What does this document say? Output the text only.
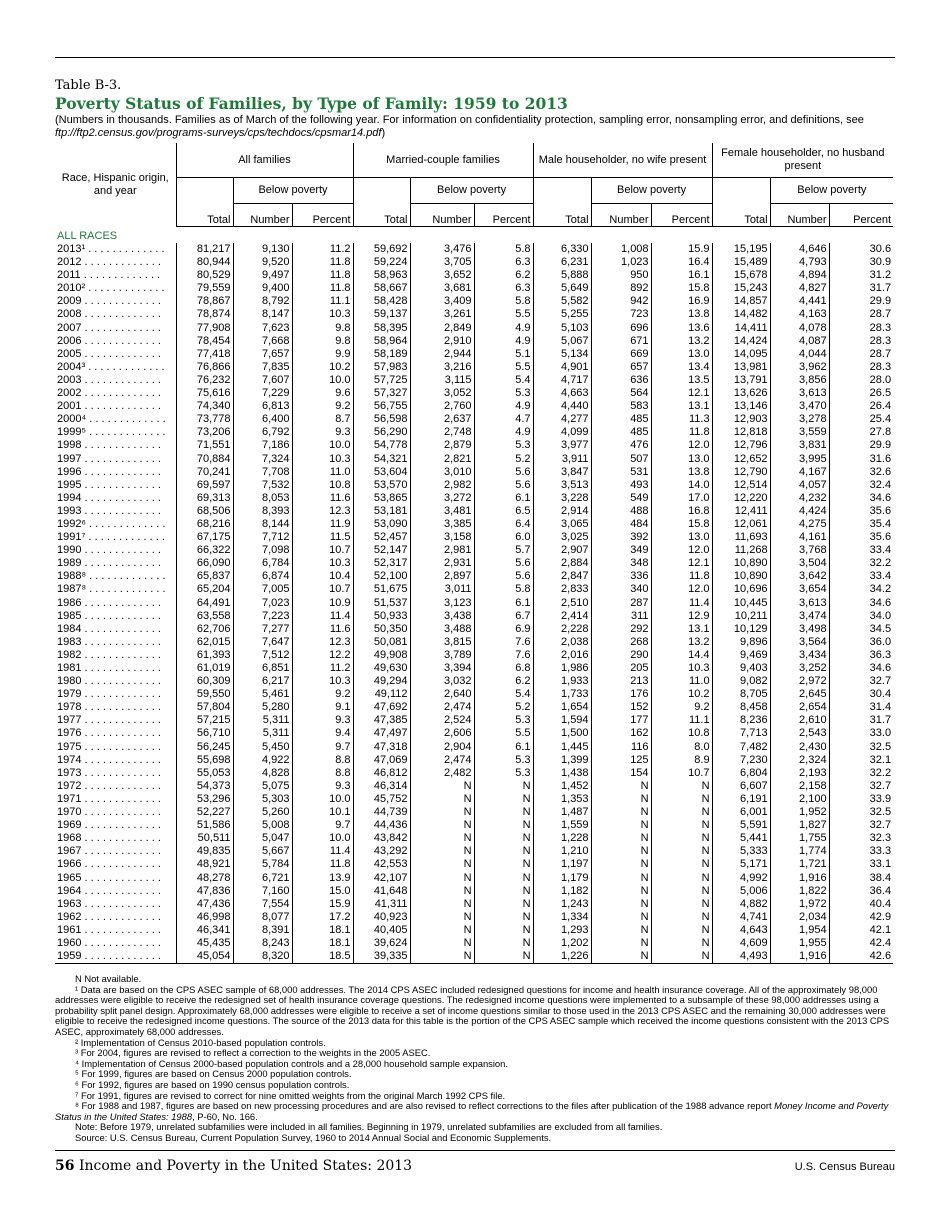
Table B-3.
Poverty Status of Families, by Type of Family: 1959 to 2013
(Numbers in thousands. Families as of March of the following year. For information on confidentiality protection, sampling error, nonsampling error, and definitions, see ftp://ftp2.census.gov/programs-surveys/cps/techdocs/cpsmar14.pdf)
Race, Hispanic origin, and year	All families			Married-couple families			Male householder, no wife present			Female householder, no husband present		
		Below poverty			Below poverty			Below poverty			Below poverty	
	Total	Number	Percent	Total	Number	Percent	Total	Number	Percent	Total	Number	Percent
ALL RACES												
2013¹ . . . . . . . . . . . . .	81,217	9,130	11.2	59,692	3,476	5.8	6,330	1,008	15.9	15,195	4,646	30.6
2012 . . . . . . . . . . . . .	80,944	9,520	11.8	59,224	3,705	6.3	6,231	1,023	16.4	15,489	4,793	30.9
2011 . . . . . . . . . . . . .	80,529	9,497	11.8	58,963	3,652	6.2	5,888	950	16.1	15,678	4,894	31.2
2010² . . . . . . . . . . . . .	79,559	9,400	11.8	58,667	3,681	6.3	5,649	892	15.8	15,243	4,827	31.7
2009 . . . . . . . . . . . . .	78,867	8,792	11.1	58,428	3,409	5.8	5,582	942	16.9	14,857	4,441	29.9
2008 . . . . . . . . . . . . .	78,874	8,147	10.3	59,137	3,261	5.5	5,255	723	13.8	14,482	4,163	28.7
2007 . . . . . . . . . . . . .	77,908	7,623	9.8	58,395	2,849	4.9	5,103	696	13.6	14,411	4,078	28.3
2006 . . . . . . . . . . . . .	78,454	7,668	9.8	58,964	2,910	4.9	5,067	671	13.2	14,424	4,087	28.3
2005 . . . . . . . . . . . . .	77,418	7,657	9.9	58,189	2,944	5.1	5,134	669	13.0	14,095	4,044	28.7
2004³ . . . . . . . . . . . . .	76,866	7,835	10.2	57,983	3,216	5.5	4,901	657	13.4	13,981	3,962	28.3
2003 . . . . . . . . . . . . .	76,232	7,607	10.0	57,725	3,115	5.4	4,717	636	13.5	13,791	3,856	28.0
2002 . . . . . . . . . . . . .	75,616	7,229	9.6	57,327	3,052	5.3	4,663	564	12.1	13,626	3,613	26.5
2001 . . . . . . . . . . . . .	74,340	6,813	9.2	56,755	2,760	4.9	4,440	583	13.1	13,146	3,470	26.4
2000⁴ . . . . . . . . . . . . .	73,778	6,400	8.7	56,598	2,637	4.7	4,277	485	11.3	12,903	3,278	25.4
1999⁵ . . . . . . . . . . . . .	73,206	6,792	9.3	56,290	2,748	4.9	4,099	485	11.8	12,818	3,559	27.8
1998 . . . . . . . . . . . . .	71,551	7,186	10.0	54,778	2,879	5.3	3,977	476	12.0	12,796	3,831	29.9
1997 . . . . . . . . . . . . .	70,884	7,324	10.3	54,321	2,821	5.2	3,911	507	13.0	12,652	3,995	31.6
1996 . . . . . . . . . . . . .	70,241	7,708	11.0	53,604	3,010	5.6	3,847	531	13.8	12,790	4,167	32.6
1995 . . . . . . . . . . . . .	69,597	7,532	10.8	53,570	2,982	5.6	3,513	493	14.0	12,514	4,057	32.4
1994 . . . . . . . . . . . . .	69,313	8,053	11.6	53,865	3,272	6.1	3,228	549	17.0	12,220	4,232	34.6
1993 . . . . . . . . . . . . .	68,506	8,393	12.3	53,181	3,481	6.5	2,914	488	16.8	12,411	4,424	35.6
1992⁶ . . . . . . . . . . . . .	68,216	8,144	11.9	53,090	3,385	6.4	3,065	484	15.8	12,061	4,275	35.4
1991⁷ . . . . . . . . . . . . .	67,175	7,712	11.5	52,457	3,158	6.0	3,025	392	13.0	11,693	4,161	35.6
1990 . . . . . . . . . . . . .	66,322	7,098	10.7	52,147	2,981	5.7	2,907	349	12.0	11,268	3,768	33.4
1989 . . . . . . . . . . . . .	66,090	6,784	10.3	52,317	2,931	5.6	2,884	348	12.1	10,890	3,504	32.2
1988⁸ . . . . . . . . . . . . .	65,837	6,874	10.4	52,100	2,897	5.6	2,847	336	11.8	10,890	3,642	33.4
1987⁸ . . . . . . . . . . . . .	65,204	7,005	10.7	51,675	3,011	5.8	2,833	340	12.0	10,696	3,654	34.2
1986 . . . . . . . . . . . . .	64,491	7,023	10.9	51,537	3,123	6.1	2,510	287	11.4	10,445	3,613	34.6
1985 . . . . . . . . . . . . .	63,558	7,223	11.4	50,933	3,438	6.7	2,414	311	12.9	10,211	3,474	34.0
1984 . . . . . . . . . . . . .	62,706	7,277	11.6	50,350	3,488	6.9	2,228	292	13.1	10,129	3,498	34.5
1983 . . . . . . . . . . . . .	62,015	7,647	12.3	50,081	3,815	7.6	2,038	268	13.2	9,896	3,564	36.0
1982 . . . . . . . . . . . . .	61,393	7,512	12.2	49,908	3,789	7.6	2,016	290	14.4	9,469	3,434	36.3
1981 . . . . . . . . . . . . .	61,019	6,851	11.2	49,630	3,394	6.8	1,986	205	10.3	9,403	3,252	34.6
1980 . . . . . . . . . . . . .	60,309	6,217	10.3	49,294	3,032	6.2	1,933	213	11.0	9,082	2,972	32.7
1979 . . . . . . . . . . . . .	59,550	5,461	9.2	49,112	2,640	5.4	1,733	176	10.2	8,705	2,645	30.4
1978 . . . . . . . . . . . . .	57,804	5,280	9.1	47,692	2,474	5.2	1,654	152	9.2	8,458	2,654	31.4
1977 . . . . . . . . . . . . .	57,215	5,311	9.3	47,385	2,524	5.3	1,594	177	11.1	8,236	2,610	31.7
1976 . . . . . . . . . . . . .	56,710	5,311	9.4	47,497	2,606	5.5	1,500	162	10.8	7,713	2,543	33.0
1975 . . . . . . . . . . . . .	56,245	5,450	9.7	47,318	2,904	6.1	1,445	116	8.0	7,482	2,430	32.5
1974 . . . . . . . . . . . . .	55,698	4,922	8.8	47,069	2,474	5.3	1,399	125	8.9	7,230	2,324	32.1
1973 . . . . . . . . . . . . .	55,053	4,828	8.8	46,812	2,482	5.3	1,438	154	10.7	6,804	2,193	32.2
1972 . . . . . . . . . . . . .	54,373	5,075	9.3	46,314	N	N	1,452	N	N	6,607	2,158	32.7
1971 . . . . . . . . . . . . .	53,296	5,303	10.0	45,752	N	N	1,353	N	N	6,191	2,100	33.9
1970 . . . . . . . . . . . . .	52,227	5,260	10.1	44,739	N	N	1,487	N	N	6,001	1,952	32.5
1969 . . . . . . . . . . . . .	51,586	5,008	9.7	44,436	N	N	1,559	N	N	5,591	1,827	32.7
1968 . . . . . . . . . . . . .	50,511	5,047	10.0	43,842	N	N	1,228	N	N	5,441	1,755	32.3
1967 . . . . . . . . . . . . .	49,835	5,667	11.4	43,292	N	N	1,210	N	N	5,333	1,774	33.3
1966 . . . . . . . . . . . . .	48,921	5,784	11.8	42,553	N	N	1,197	N	N	5,171	1,721	33.1
1965 . . . . . . . . . . . . .	48,278	6,721	13.9	42,107	N	N	1,179	N	N	4,992	1,916	38.4
1964 . . . . . . . . . . . . .	47,836	7,160	15.0	41,648	N	N	1,182	N	N	5,006	1,822	36.4
1963 . . . . . . . . . . . . .	47,436	7,554	15.9	41,311	N	N	1,243	N	N	4,882	1,972	40.4
1962 . . . . . . . . . . . . .	46,998	8,077	17.2	40,923	N	N	1,334	N	N	4,741	2,034	42.9
1961 . . . . . . . . . . . . .	46,341	8,391	18.1	40,405	N	N	1,293	N	N	4,643	1,954	42.1
1960 . . . . . . . . . . . . .	45,435	8,243	18.1	39,624	N	N	1,202	N	N	4,609	1,955	42.4
1959 . . . . . . . . . . . . .	45,054	8,320	18.5	39,335	N	N	1,226	N	N	4,493	1,916	42.6

N Not available.

¹ Data are based on the CPS ASEC sample of 68,000 addresses. The 2014 CPS ASEC included redesigned questions for income and health insurance coverage. All of the approximately 98,000 addresses were eligible to receive the redesigned set of health insurance coverage questions. The redesigned income questions were implemented to a subsample of these 98,000 addresses using a probability split panel design. Approximately 68,000 addresses were eligible to receive a set of income questions similar to those used in the 2013 CPS ASEC and the remaining 30,000 addresses were eligible to receive the redesigned income questions. The source of the 2013 data for this table is the portion of the CPS ASEC sample which received the income questions consistent with the 2013 CPS ASEC, approximately 68,000 addresses.

² Implementation of Census 2010-based population controls.

³ For 2004, figures are revised to reflect a correction to the weights in the 2005 ASEC.

⁴ Implementation of Census 2000-based population controls and a 28,000 household sample expansion.

⁵ For 1999, figures are based on Census 2000 population controls.

⁶ For 1992, figures are based on 1990 census population controls.

⁷ For 1991, figures are revised to correct for nine omitted weights from the original March 1992 CPS file.

⁸ For 1988 and 1987, figures are based on new processing procedures and are also revised to reflect corrections to the files after publication of the 1988 advance report Money Income and Poverty Status in the United States: 1988, P-60, No. 166.

Note: Before 1979, unrelated subfamilies were included in all families. Beginning in 1979, unrelated subfamilies are excluded from all families.

Source: U.S. Census Bureau, Current Population Survey, 1960 to 2014 Annual Social and Economic Supplements.

56 Income and Poverty in the United States: 2013	U.S. Census Bureau
